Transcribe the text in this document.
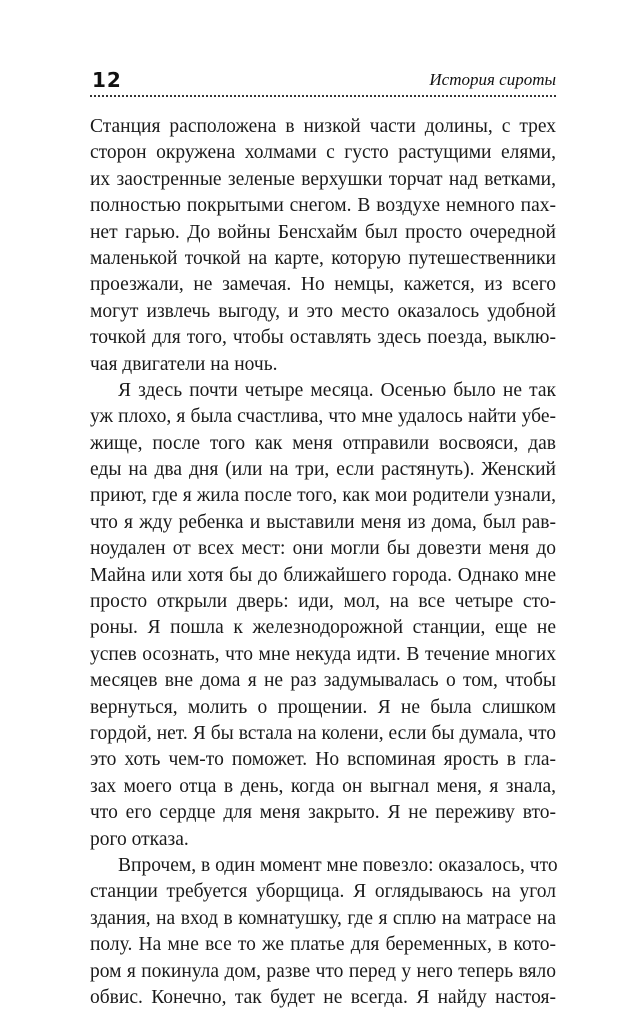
12	История сироты
Станция расположена в низкой части долины, с трех
сторон окружена холмами с густо растущими елями,
их заостренные зеленые верхушки торчат над ветками,
полностью покрытыми снегом. В воздухе немного пах-
нет гарью. До войны Бенсхайм был просто очередной
маленькой точкой на карте, которую путешественники
проезжали, не замечая. Но немцы, кажется, из всего
могут извлечь выгоду, и это место оказалось удобной
точкой для того, чтобы оставлять здесь поезда, выклю-
чая двигатели на ночь.
Я здесь почти четыре месяца. Осенью было не так
уж плохо, я была счастлива, что мне удалось найти убе-
жище, после того как меня отправили восвояси, дав
еды на два дня (или на три, если растянуть). Женский
приют, где я жила после того, как мои родители узнали,
что я жду ребенка и выставили меня из дома, был рав-
ноудален от всех мест: они могли бы довезти меня до
Майна или хотя бы до ближайшего города. Однако мне
просто открыли дверь: иди, мол, на все четыре сто-
роны. Я пошла к железнодорожной станции, еще не
успев осознать, что мне некуда идти. В течение многих
месяцев вне дома я не раз задумывалась о том, чтобы
вернуться, молить о прощении. Я не была слишком
гордой, нет. Я бы встала на колени, если бы думала, что
это хоть чем-то поможет. Но вспоминая ярость в гла-
зах моего отца в день, когда он выгнал меня, я знала,
что его сердце для меня закрыто. Я не переживу вто-
рого отказа.
Впрочем, в один момент мне повезло: оказалось, что
станции требуется уборщица. Я оглядываюсь на угол
здания, на вход в комнатушку, где я сплю на матрасе на
полу. На мне все то же платье для беременных, в кото-
ром я покинула дом, разве что перед у него теперь вяло
обвис. Конечно, так будет не всегда. Я найду настоя-
